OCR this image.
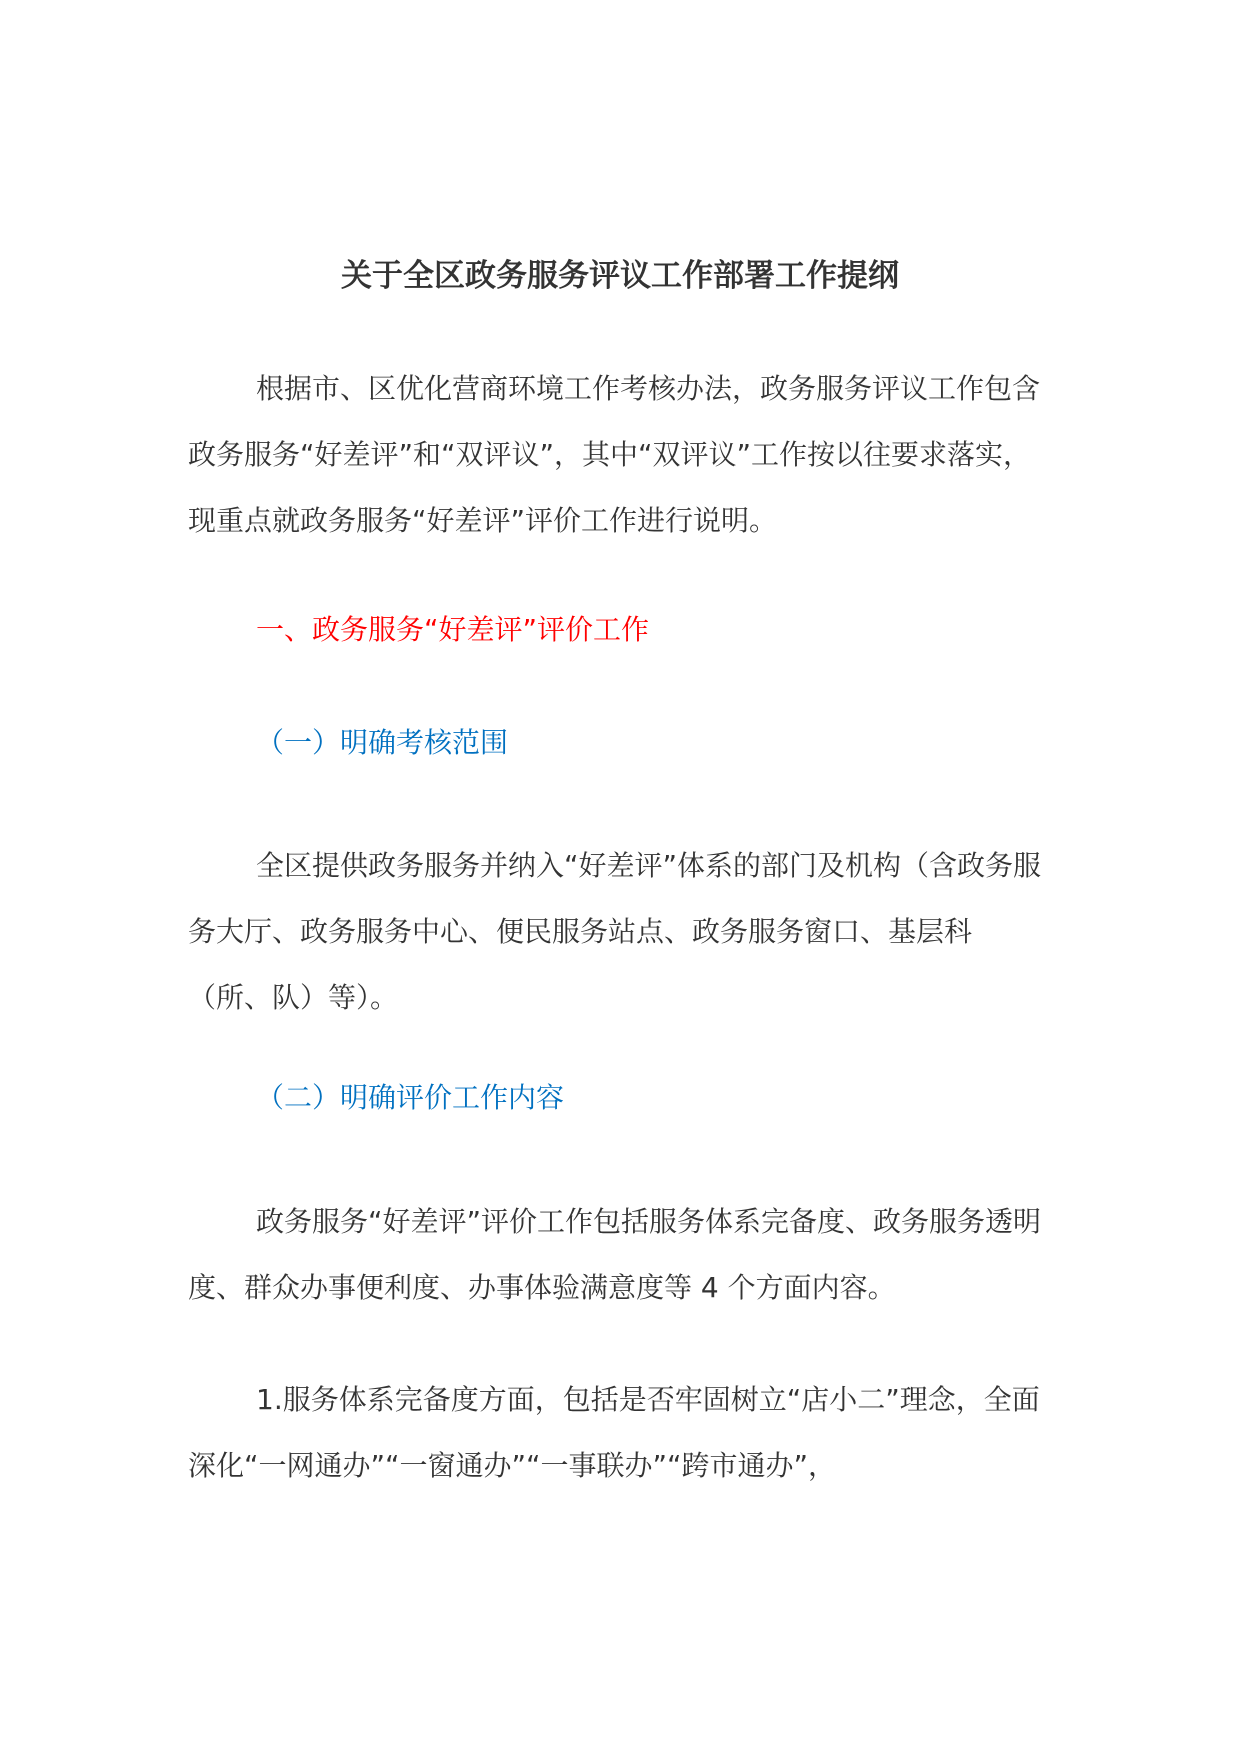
关于全区政务服务评议工作部署工作提纲

根据市、区优化营商环境工作考核办法，政务服务评议工作包含政务服务“好差评”和“双评议”，其中“双评议”工作按以往要求落实，现重点就政务服务“好差评”评价工作进行说明。

一、政务服务“好差评”评价工作

（一）明确考核范围

全区提供政务服务并纳入“好差评”体系的部门及机构（含政务服务大厅、政务服务中心、便民服务站点、政务服务窗口、基层科（所、队）等）。

（二）明确评价工作内容

政务服务“好差评”评价工作包括服务体系完备度、政务服务透明度、群众办事便利度、办事体验满意度等 4 个方面内容。

1.服务体系完备度方面，包括是否牢固树立“店小二”理念，全面深化“一网通办”“一窗通办”“一事联办”“跨市通办”，
